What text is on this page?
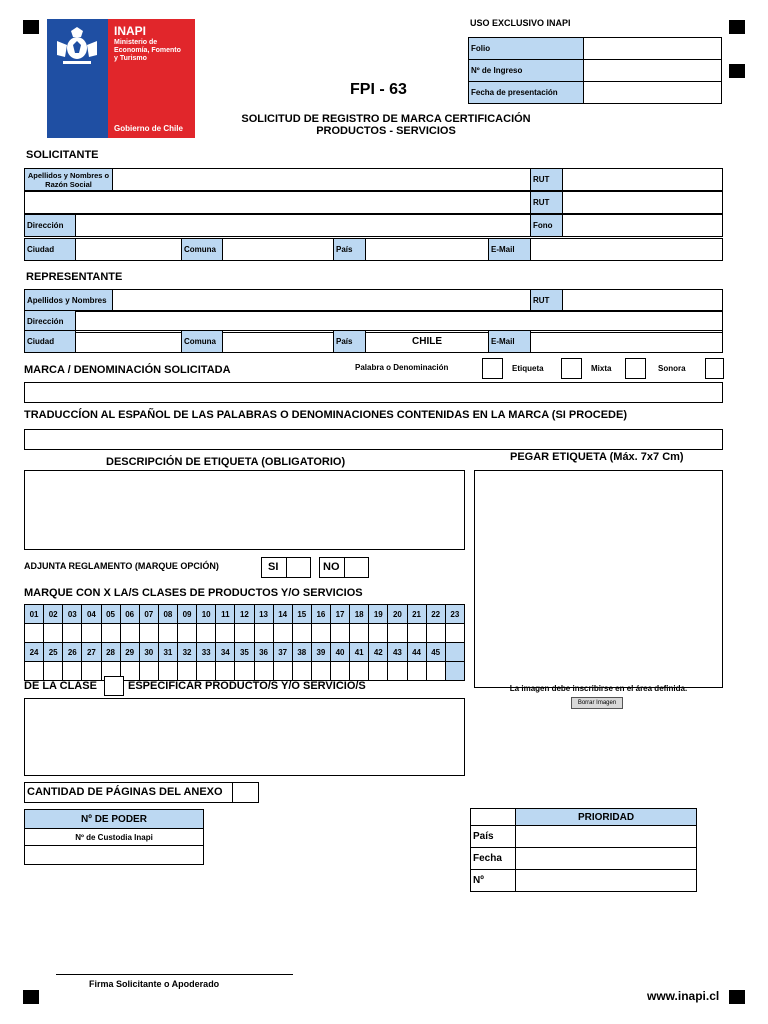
INAPI
Ministerio de Economía, Fomento y Turismo
Gobierno de Chile
USO EXCLUSIVO INAPI
Folio	
Nº de Ingreso	
Fecha de presentación	
FPI - 63
SOLICITUD DE REGISTRO DE MARCA CERTIFICACIÓN
PRODUCTOS - SERVICIOS
SOLICITANTE
Apellidos y Nombres o Razón Social		RUT	
	RUT	
Dirección		Fono	
Ciudad		Comuna		País		E-Mail	
REPRESENTANTE
Apellidos y Nombres		RUT	
Dirección	
Ciudad		Comuna		País	CHILE	E-Mail	
MARCA / DENOMINACIÓN SOLICITADA	Palabra o Denominación	Etiqueta	Mixta	Sonora
TRADUCCÍON AL ESPAÑOL DE LAS PALABRAS O DENOMINACIONES CONTENIDAS EN LA MARCA (SI PROCEDE)
DESCRIPCIÓN DE ETIQUETA (OBLIGATORIO)	PEGAR ETIQUETA (Máx. 7x7 Cm)
La imagen debe inscribirse en el área definida.
Borrar Imagen
ADJUNTA REGLAMENTO (MARQUE OPCIÓN)	SI	NO
MARQUE CON X LA/S CLASES DE PRODUCTOS Y/O SERVICIOS
01	02	03	04	05	06	07	08	09	10	11	12	13	14	15	16	17	18	19	20	21	22	23

24	25	26	27	28	29	30	31	32	33	34	35	36	37	38	39	40	41	42	43	44	45	

DE LA CLASE	ESPECIFICAR PRODUCTO/S Y/O SERVICIO/S
CANTIDAD DE PÁGINAS DEL ANEXO
Nº DE PODER
Nº de Custodia Inapi

	PRIORIDAD
País	
Fecha	
Nº	
Firma Solicitante o Apoderado
www.inapi.cl
